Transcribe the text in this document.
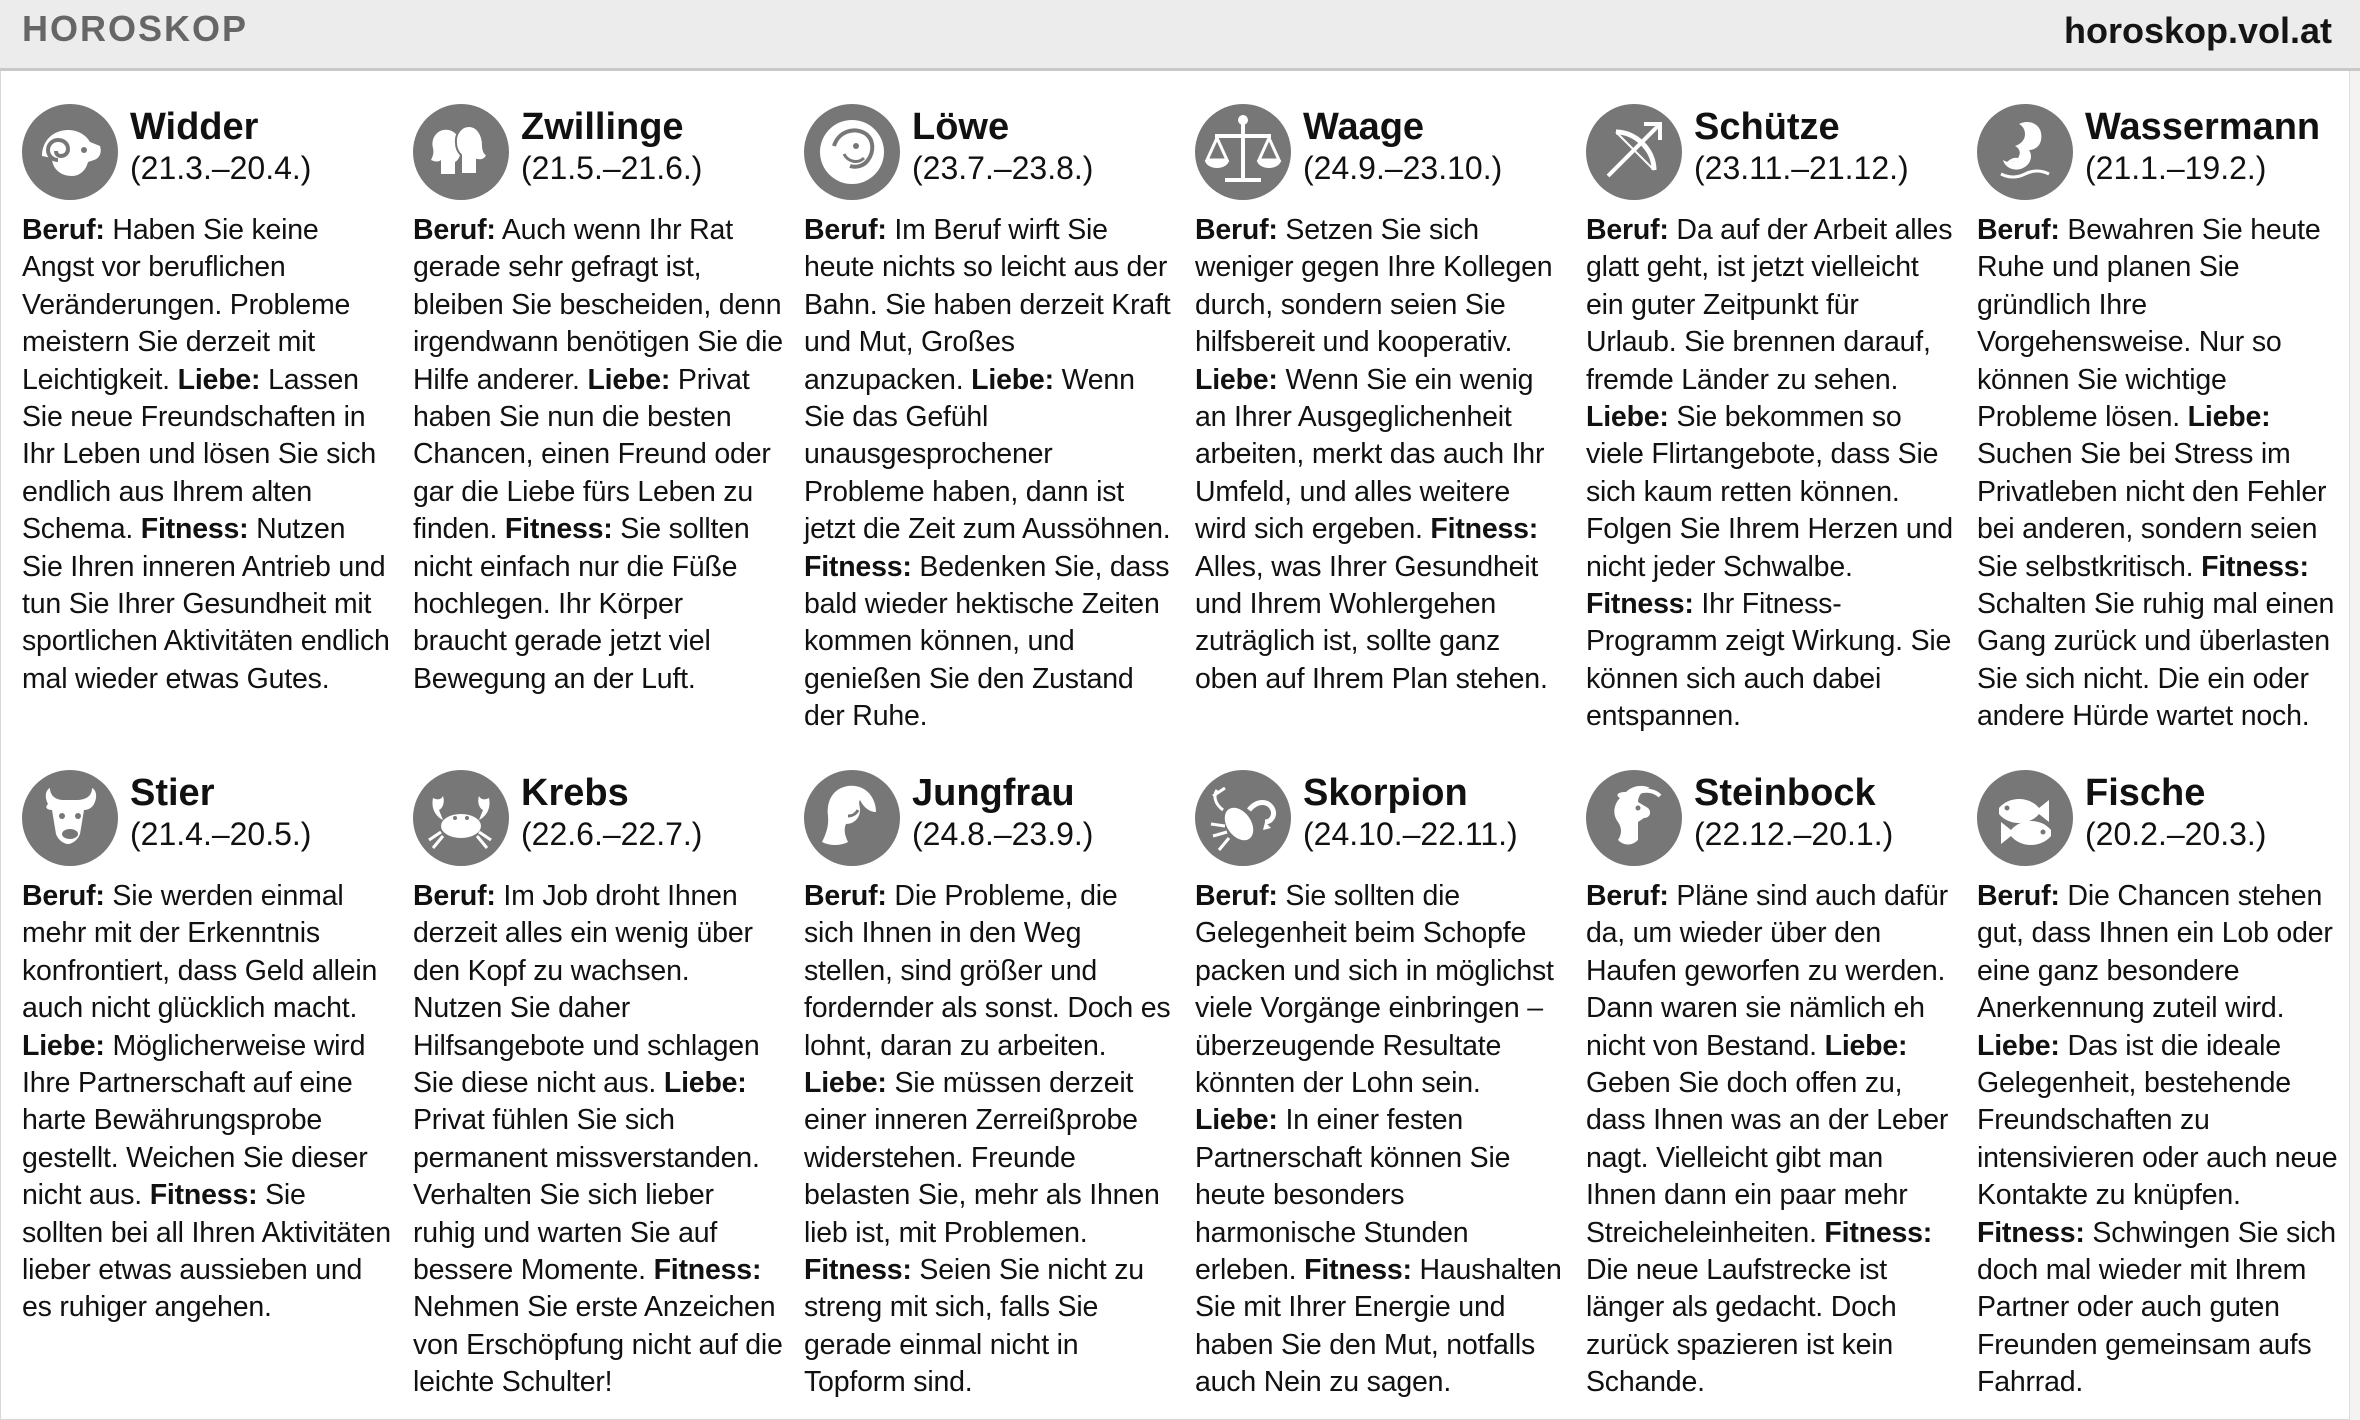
HOROSKOP	horoskop.vol.at
Widder
(21.3.–20.4.)
Beruf: Haben Sie keine Angst vor beruflichen Veränderungen. Probleme meistern Sie derzeit mit Leichtigkeit. Liebe: Lassen Sie neue Freundschaften in Ihr Leben und lösen Sie sich endlich aus Ihrem alten Schema. Fitness: Nutzen Sie Ihren inneren Antrieb und tun Sie Ihrer Gesundheit mit sportlichen Aktivitäten endlich mal wieder etwas Gutes.
Zwillinge
(21.5.–21.6.)
Beruf: Auch wenn Ihr Rat gerade sehr gefragt ist, bleiben Sie bescheiden, denn irgendwann benötigen Sie die Hilfe anderer. Liebe: Privat haben Sie nun die besten Chancen, einen Freund oder gar die Liebe fürs Leben zu finden. Fitness: Sie sollten nicht einfach nur die Füße hochlegen. Ihr Körper braucht gerade jetzt viel Bewegung an der Luft.
Löwe
(23.7.–23.8.)
Beruf: Im Beruf wirft Sie heute nichts so leicht aus der Bahn. Sie haben derzeit Kraft und Mut, Großes anzupacken. Liebe: Wenn Sie das Gefühl unausgesprochener Probleme haben, dann ist jetzt die Zeit zum Aussöhnen. Fitness: Bedenken Sie, dass bald wieder hektische Zeiten kommen können, und genießen Sie den Zustand der Ruhe.
Waage
(24.9.–23.10.)
Beruf: Setzen Sie sich weniger gegen Ihre Kollegen durch, sondern seien Sie hilfsbereit und kooperativ. Liebe: Wenn Sie ein wenig an Ihrer Ausgeglichenheit arbeiten, merkt das auch Ihr Umfeld, und alles weitere wird sich ergeben. Fitness: Alles, was Ihrer Gesundheit und Ihrem Wohlergehen zuträglich ist, sollte ganz oben auf Ihrem Plan stehen.
Schütze
(23.11.–21.12.)
Beruf: Da auf der Arbeit alles glatt geht, ist jetzt vielleicht ein guter Zeitpunkt für Urlaub. Sie brennen darauf, fremde Länder zu sehen. Liebe: Sie bekommen so viele Flirtangebote, dass Sie sich kaum retten können. Folgen Sie Ihrem Herzen und nicht jeder Schwalbe. Fitness: Ihr Fitness-Programm zeigt Wirkung. Sie können sich auch dabei entspannen.
Wassermann
(21.1.–19.2.)
Beruf: Bewahren Sie heute Ruhe und planen Sie gründlich Ihre Vorgehensweise. Nur so können Sie wichtige Probleme lösen. Liebe: Suchen Sie bei Stress im Privatleben nicht den Fehler bei anderen, sondern seien Sie selbstkritisch. Fitness: Schalten Sie ruhig mal einen Gang zurück und überlasten Sie sich nicht. Die ein oder andere Hürde wartet noch.
Stier
(21.4.–20.5.)
Beruf: Sie werden einmal mehr mit der Erkenntnis konfrontiert, dass Geld allein auch nicht glücklich macht. Liebe: Möglicherweise wird Ihre Partnerschaft auf eine harte Bewährungsprobe gestellt. Weichen Sie dieser nicht aus. Fitness: Sie sollten bei all Ihren Aktivitäten lieber etwas aussieben und es ruhiger angehen.
Krebs
(22.6.–22.7.)
Beruf: Im Job droht Ihnen derzeit alles ein wenig über den Kopf zu wachsen. Nutzen Sie daher Hilfsangebote und schlagen Sie diese nicht aus. Liebe: Privat fühlen Sie sich permanent missverstanden. Verhalten Sie sich lieber ruhig und warten Sie auf bessere Momente. Fitness: Nehmen Sie erste Anzeichen von Erschöpfung nicht auf die leichte Schulter!
Jungfrau
(24.8.–23.9.)
Beruf: Die Probleme, die sich Ihnen in den Weg stellen, sind größer und fordernder als sonst. Doch es lohnt, daran zu arbeiten. Liebe: Sie müssen derzeit einer inneren Zerreißprobe widerstehen. Freunde belasten Sie, mehr als Ihnen lieb ist, mit Problemen. Fitness: Seien Sie nicht zu streng mit sich, falls Sie gerade einmal nicht in Topform sind.
Skorpion
(24.10.–22.11.)
Beruf: Sie sollten die Gelegenheit beim Schopfe packen und sich in möglichst viele Vorgänge einbringen – überzeugende Resultate könnten der Lohn sein. Liebe: In einer festen Partnerschaft können Sie heute besonders harmonische Stunden erleben. Fitness: Haushalten Sie mit Ihrer Energie und haben Sie den Mut, notfalls auch Nein zu sagen.
Steinbock
(22.12.–20.1.)
Beruf: Pläne sind auch dafür da, um wieder über den Haufen geworfen zu werden. Dann waren sie nämlich eh nicht von Bestand. Liebe: Geben Sie doch offen zu, dass Ihnen was an der Leber nagt. Vielleicht gibt man Ihnen dann ein paar mehr Streicheleinheiten. Fitness: Die neue Laufstrecke ist länger als gedacht. Doch zurück spazieren ist kein Schande.
Fische
(20.2.–20.3.)
Beruf: Die Chancen stehen gut, dass Ihnen ein Lob oder eine ganz besondere Anerkennung zuteil wird. Liebe: Das ist die ideale Gelegenheit, bestehende Freundschaften zu intensivieren oder auch neue Kontakte zu knüpfen. Fitness: Schwingen Sie sich doch mal wieder mit Ihrem Partner oder auch guten Freunden gemeinsam aufs Fahrrad.
